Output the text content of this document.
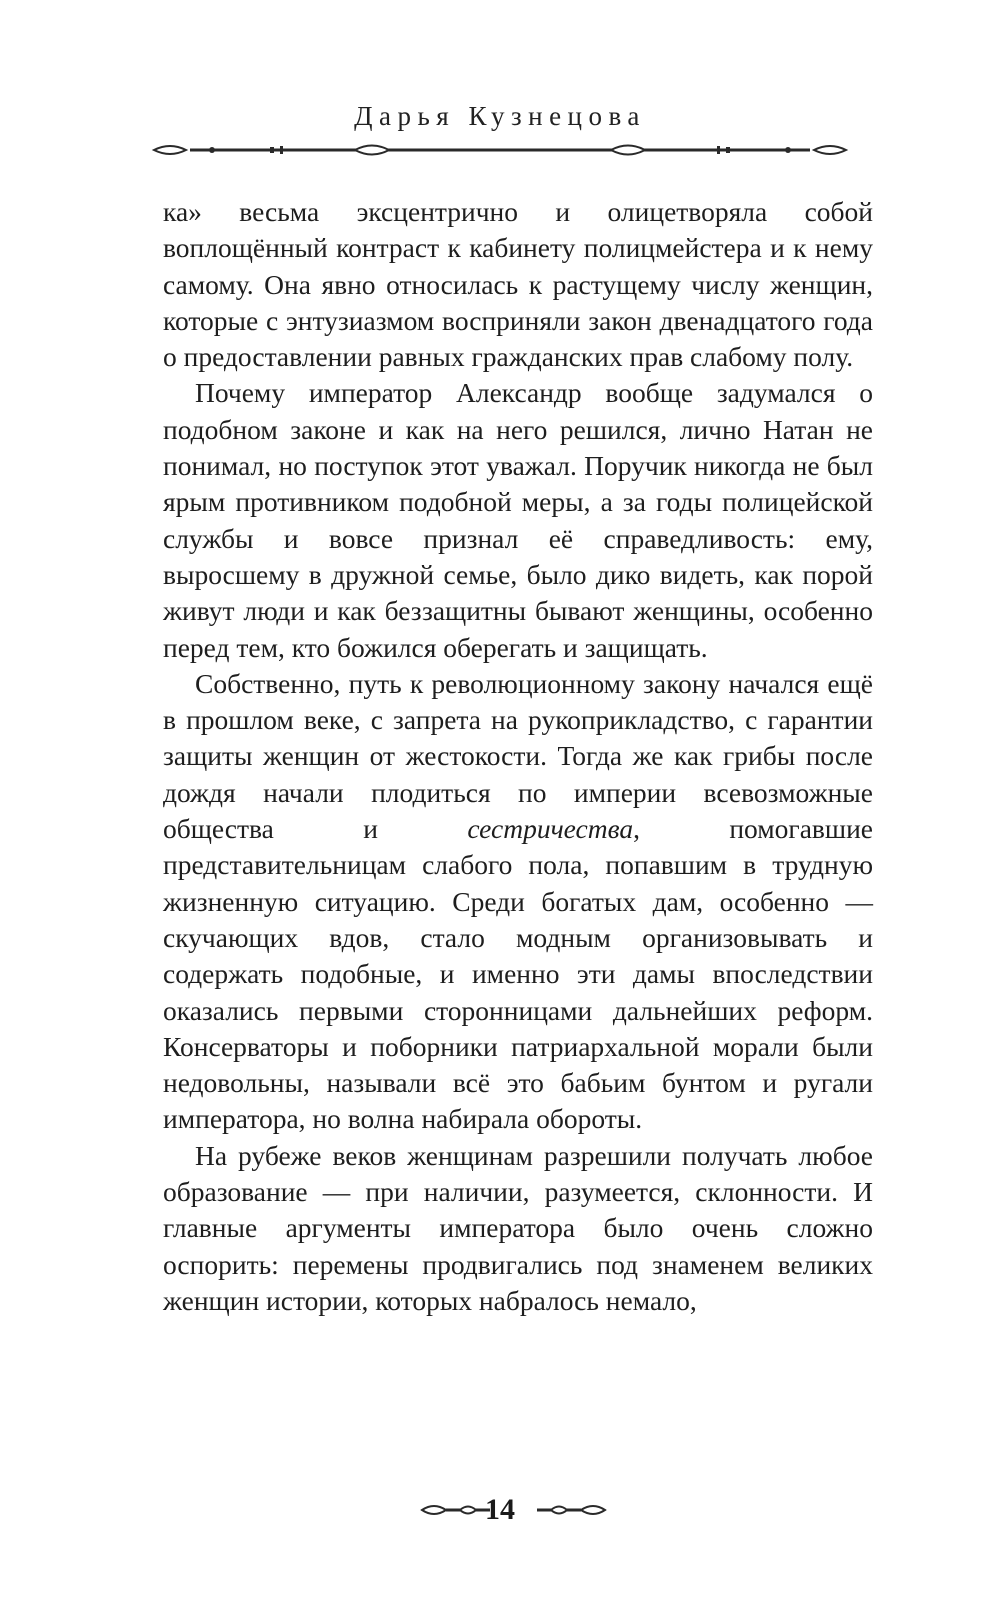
Дарья Кузнецова

ка» весьма эксцентрично и олицетворяла собой воплощённый контраст к кабинету полицмейстера и к нему самому. Она явно относилась к растущему числу женщин, которые с энтузиазмом восприняли закон двенадцатого года о предоставлении равных гражданских прав слабому полу.

Почему император Александр вообще задумался о подобном законе и как на него решился, лично Натан не понимал, но поступок этот уважал. Поручик никогда не был ярым противником подобной меры, а за годы полицейской службы и вовсе признал её справедливость: ему, выросшему в дружной семье, было дико видеть, как порой живут люди и как беззащитны бывают женщины, особенно перед тем, кто божился оберегать и защищать.

Собственно, путь к революционному закону начался ещё в прошлом веке, с запрета на рукоприкладство, с гарантии защиты женщин от жестокости. Тогда же как грибы после дождя начали плодиться по империи всевозможные общества и сестричества, помогавшие представительницам слабого пола, попавшим в трудную жизненную ситуацию. Среди богатых дам, особенно — скучающих вдов, стало модным организовывать и содержать подобные, и именно эти дамы впоследствии оказались первыми сторонницами дальнейших реформ. Консерваторы и поборники патриархальной морали были недовольны, называли всё это бабьим бунтом и ругали императора, но волна набирала обороты.

На рубеже веков женщинам разрешили получать любое образование — при наличии, разумеется, склонности. И главные аргументы императора было очень сложно оспорить: перемены продвигались под знаменем великих женщин истории, которых набралось немало,

14
